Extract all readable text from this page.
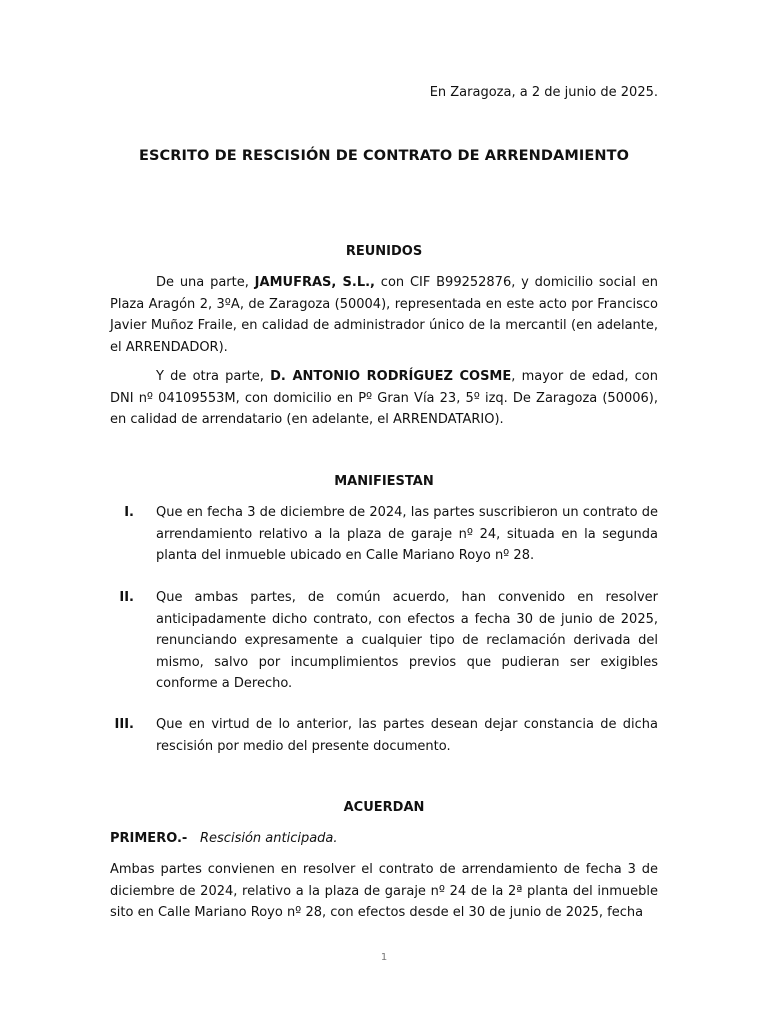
En Zaragoza, a 2 de junio de 2025.
ESCRITO DE RESCISIÓN DE CONTRATO DE ARRENDAMIENTO
REUNIDOS

De una parte, JAMUFRAS, S.L., con CIF B99252876, y domicilio social en Plaza Aragón 2, 3ºA, de Zaragoza (50004), representada en este acto por Francisco Javier Muñoz Fraile, en calidad de administrador único de la mercantil (en adelante, el ARRENDADOR).

Y de otra parte, D. ANTONIO RODRÍGUEZ COSME, mayor de edad, con DNI nº 04109553M, con domicilio en Pº Gran Vía 23, 5º izq. De Zaragoza (50006), en calidad de arrendatario (en adelante, el ARRENDATARIO).

MANIFIESTAN
I. Que en fecha 3 de diciembre de 2024, las partes suscribieron un contrato de arrendamiento relativo a la plaza de garaje nº 24, situada en la segunda planta del inmueble ubicado en Calle Mariano Royo nº 28.

II. Que ambas partes, de común acuerdo, han convenido en resolver anticipadamente dicho contrato, con efectos a fecha 30 de junio de 2025, renunciando expresamente a cualquier tipo de reclamación derivada del mismo, salvo por incumplimientos previos que pudieran ser exigibles conforme a Derecho.

III. Que en virtud de lo anterior, las partes desean dejar constancia de dicha rescisión por medio del presente documento.

ACUERDAN
PRIMERO.- Rescisión anticipada.

Ambas partes convienen en resolver el contrato de arrendamiento de fecha 3 de diciembre de 2024, relativo a la plaza de garaje nº 24 de la 2ª planta del inmueble sito en Calle Mariano Royo nº 28, con efectos desde el 30 de junio de 2025, fecha

1
